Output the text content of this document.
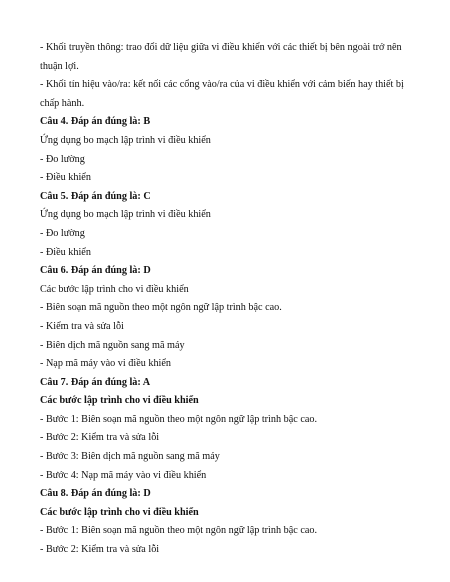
- Khối truyền thông: trao đổi dữ liệu giữa vi điều khiển với các thiết bị bên ngoài trở nên thuận lợi.
- Khối tín hiệu vào/ra: kết nối các cổng vào/ra của vi điều khiển với cảm biến hay thiết bị chấp hành.
Câu 4. Đáp án đúng là: B
Ứng dụng bo mạch lập trình vi điều khiển
- Đo lường
- Điều khiển
Câu 5. Đáp án đúng là: C
Ứng dụng bo mạch lập trình vi điều khiển
- Đo lường
- Điều khiển
Câu 6. Đáp án đúng là: D
Các bước lập trình cho vi điều khiển
- Biên soạn mã nguồn theo một ngôn ngữ lập trình bậc cao.
- Kiểm tra và sửa lỗi
- Biên dịch mã nguồn sang mã máy
- Nạp mã máy vào vi điều khiển
Câu 7. Đáp án đúng là: A
Các bước lập trình cho vi điều khiển
- Bước 1: Biên soạn mã nguồn theo một ngôn ngữ lập trình bậc cao.
- Bước 2: Kiểm tra và sửa lỗi
- Bước 3: Biên dịch mã nguồn sang mã máy
- Bước 4: Nạp mã máy vào vi điều khiển
Câu 8. Đáp án đúng là: D
Các bước lập trình cho vi điều khiển
- Bước 1: Biên soạn mã nguồn theo một ngôn ngữ lập trình bậc cao.
- Bước 2: Kiểm tra và sửa lỗi
